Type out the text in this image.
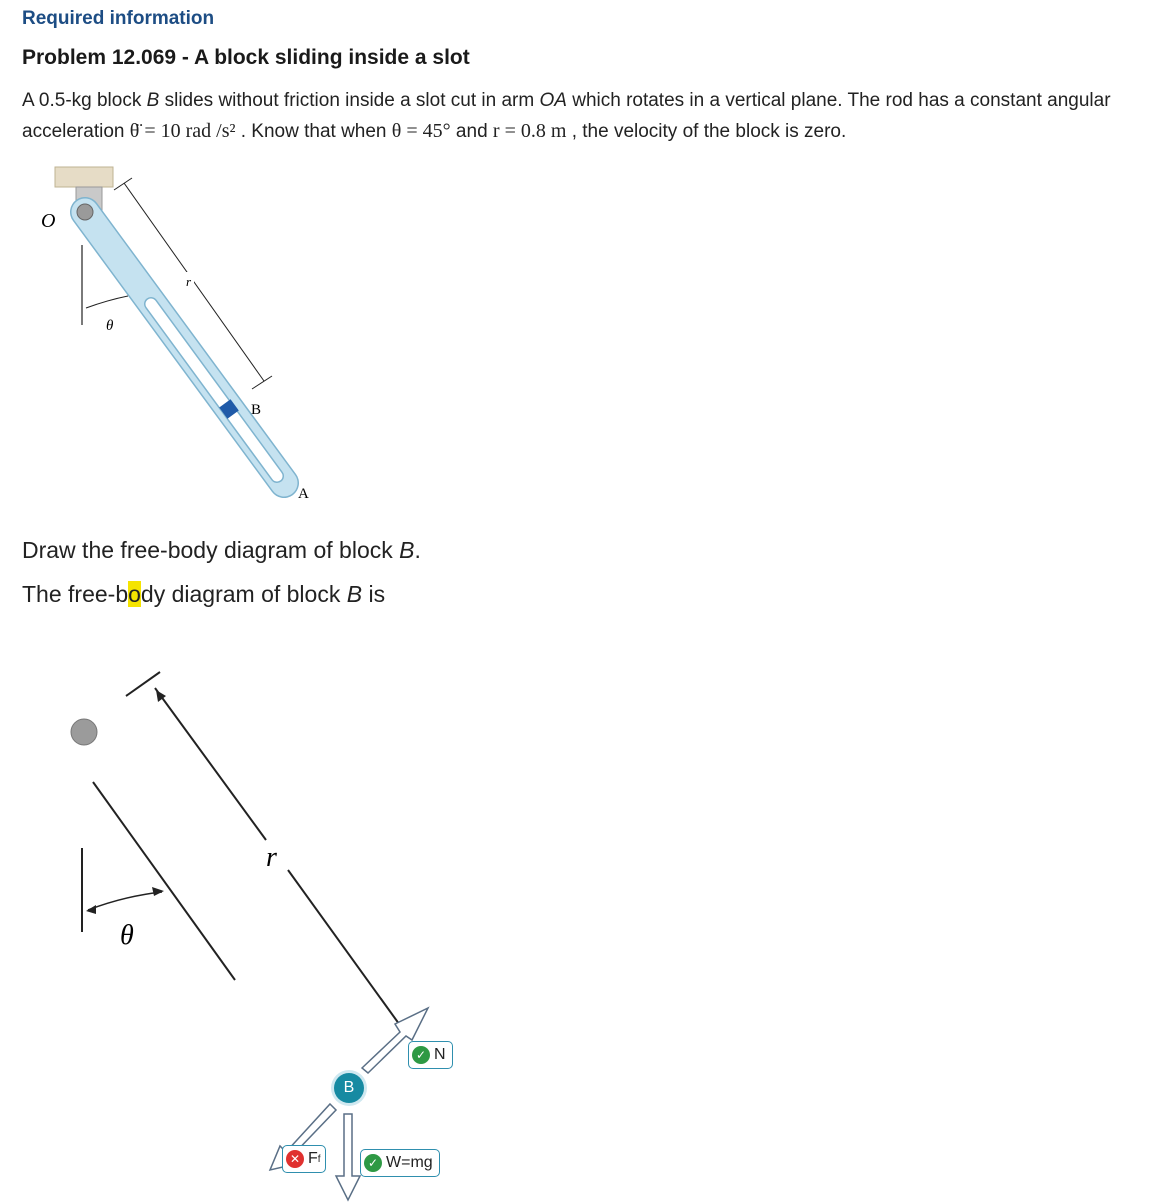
Required information
Problem 12.069 - A block sliding inside a slot
A 0.5-kg block B slides without friction inside a slot cut in arm OA which rotates in a vertical plane. The rod has a constant angular acceleration θ̈ = 10 rad /s² . Know that when θ = 45° and r = 0.8 m , the velocity of the block is zero.
O
r
θ
B
A
r
θ
Draw the free-body diagram of block B.
The free-body diagram of block B is
B
✓ N
✓ W=mg
✕ F f
